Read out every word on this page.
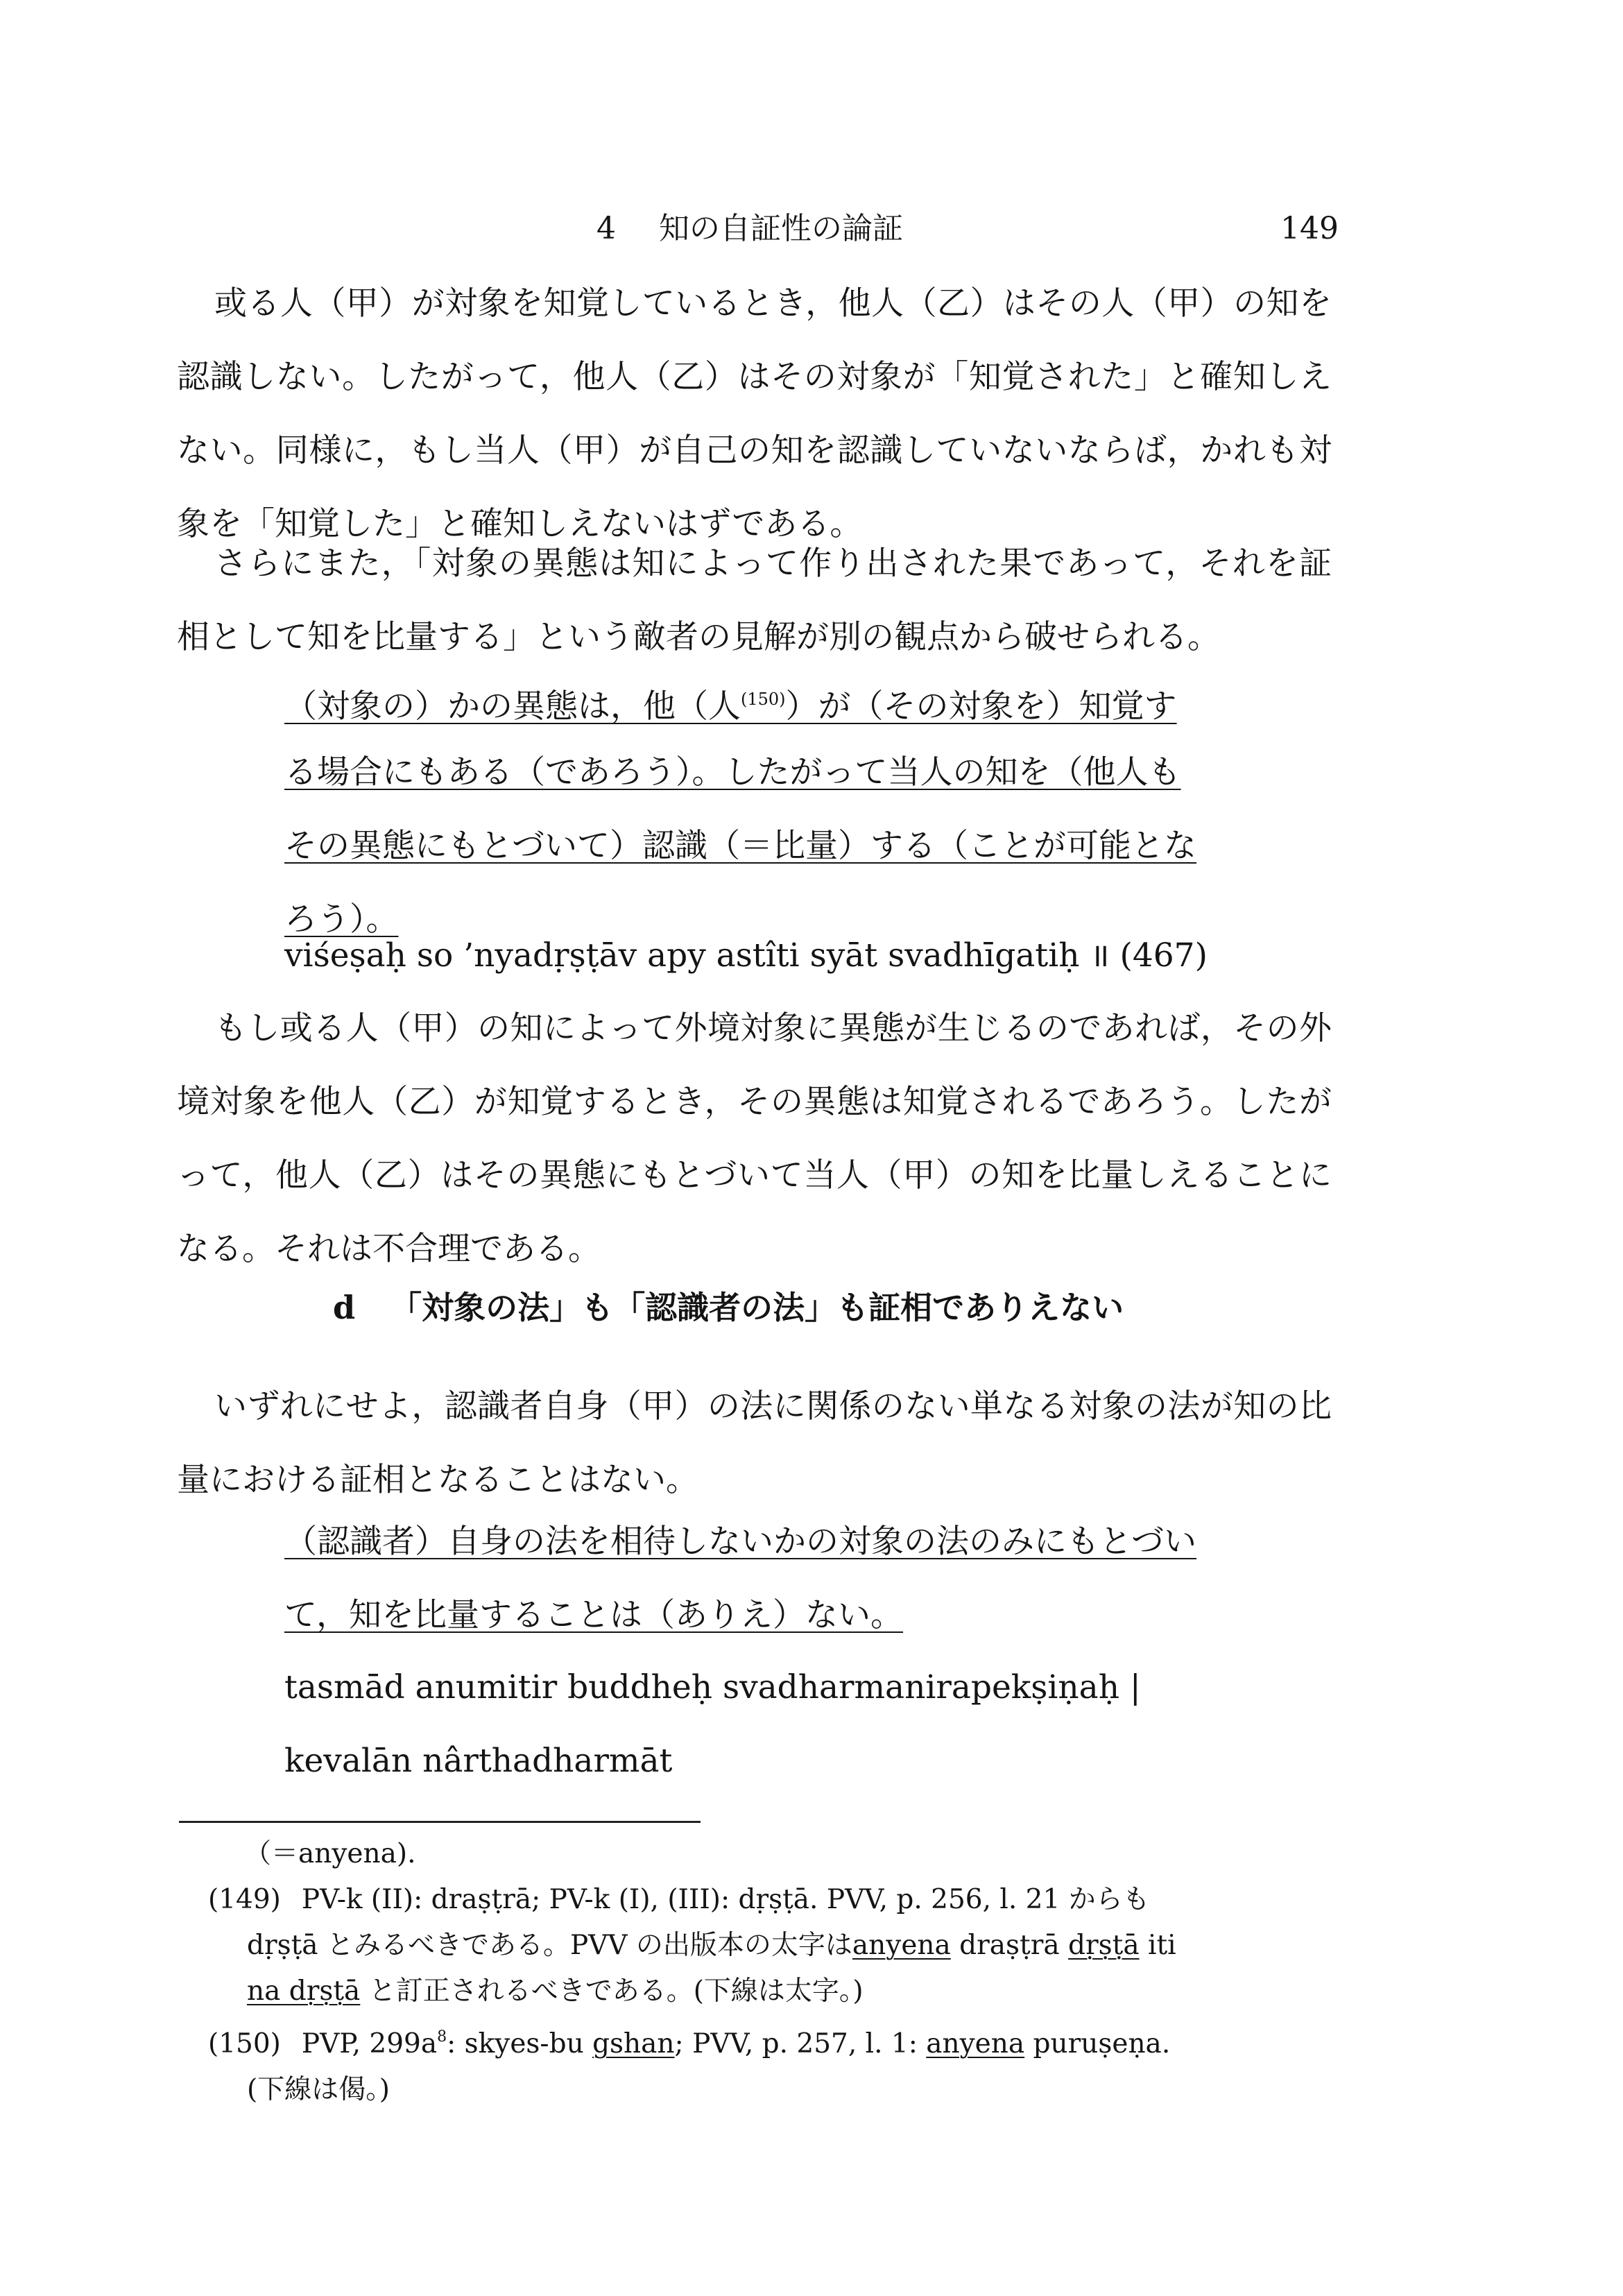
4 知の自証性の論証	149

或る人（甲）が対象を知覚しているとき，他人（乙）はその人（甲）の知を認識しない。したがって，他人（乙）はその対象が「知覚された」と確知しえない。同様に，もし当人（甲）が自己の知を認識していないならば，かれも対象を「知覚した」と確知しえないはずである。

さらにまた，「対象の異態は知によって作り出された果であって，それを証相として知を比量する」という敵者の見解が別の観点から破せられる。

（対象の）かの異態は，他（人$^{(150)}$）が（その対象を）知覚す
る場合にもある（であろう）。したがって当人の知を（他人も
その異態にもとづいて）認識（＝比量）する（ことが可能とな
ろう）。
viśeṣaḥ so ’nyadṛṣṭāv apy astîti syāt svadhīgatiḥ ॥ (467)

もし或る人（甲）の知によって外境対象に異態が生じるのであれば，その外境対象を他人（乙）が知覚するとき，その異態は知覚されるであろう。したがって，他人（乙）はその異態にもとづいて当人（甲）の知を比量しえることになる。それは不合理である。

d 「対象の法」も「認識者の法」も証相でありえない

いずれにせよ，認識者自身（甲）の法に関係のない単なる対象の法が知の比量における証相となることはない。

（認識者）自身の法を相待しないかの対象の法のみにもとづい
て，知を比量することは（ありえ）ない。
tasmād anumitir buddheḥ svadharmanirapekṣiṇaḥ |
kevalān nârthadharmāt
（＝anyena).
(149) PV-k (II): draṣṭrā; PV-k (I), (III): dṛṣṭā. PVV, p. 256, l. 21 からも
dṛṣṭā とみるべきである。PVV の出版本の太字はanyena draṣṭrā dṛṣṭā iti
na dṛṣṭā と訂正されるべきである。(下線は太字。)
(150) PVP, $299a^8$: skyes-bu gshan; PVV, p. 257, l. 1: anyena puruṣeṇa.
(下線は偈。)
